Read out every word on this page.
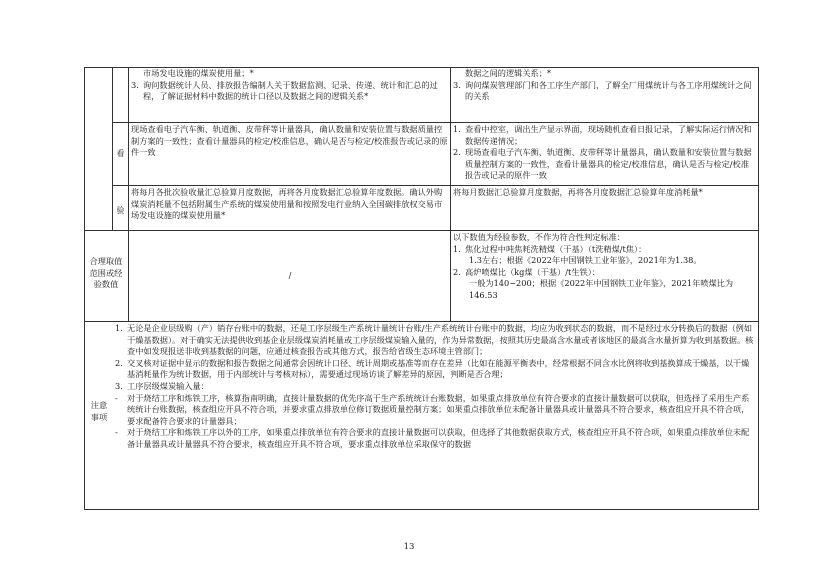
市场发电设施的煤炭使用量；*
3. 询问数据统计人员、排放报告编制人关于数据监测、记录、传递、统计和汇总的过程，了解证据材料中数据的统计口径以及数据之间的逻辑关系*
数据之间的逻辑关系；*
3. 询问煤炭管理部门和各工序生产部门，了解全厂用煤统计与各工序用煤统计之间的关系
看
现场查看电子汽车衡、轨道衡、皮带秤等计量器具，确认数量和安装位置与数据质量控制方案的一致性；查看计量器具的检定/校准信息，确认是否与检定/校准报告或记录的原件一致
1. 查看中控室，调出生产显示界面，现场随机查看日报记录，了解实际运行情况和数据传递情况；
2. 现场查看电子汽车衡、轨道衡、皮带秤等计量器具，确认数量和安装位置与数据质量控制方案的一致性，查看计量器具的检定/校准信息，确认是否与检定/校准报告或记录的原件一致
验
将每月各批次验收量汇总验算月度数据，再将各月度数据汇总验算年度数据。确认外购煤炭消耗量不包括附属生产系统的煤炭使用量和按照发电行业纳入全国碳排放权交易市场发电设施的煤炭使用量*
将每月数据汇总验算月度数据，再将各月度数据汇总验算年度消耗量*
合理取值范围或经验数值
/
以下数值为经验参数，不作为符合性判定标准：
1. 焦化过程中吨焦耗洗精煤（干基）（t洗精煤/t焦）：
1.3左右；根据《2022年中国钢铁工业年鉴》，2021年为1.38。
2. 高炉喷煤比（kg煤（干基）/t生铁）：
一般为140~200；根据《2022年中国钢铁工业年鉴》，2021年喷煤比为146.53
注意事项
1. 无论是企业层级购（产）销存台账中的数据，还是工序层级生产系统计量统计台账/生产系统统计台账中的数据，均应为收到状态的数据，而不是经过水分转换后的数据（例如干燥基数据）。对于确实无法提供收到基企业层级煤炭消耗量或工序层级煤炭输入量的，作为异常数据，按照其历史最高含水量或者该地区的最高含水量折算为收到基数据。核查中如发现报送非收到基数据的问题，应通过核查报告或其他方式，报告给省级生态环境主管部门；
2. 交叉核对证据中显示的数据和报告数据之间通常会因统计口径、统计周期或基准等而存在差异（比如在能源平衡表中，经常根据不同含水比例将收到基换算成干燥基，以干燥基消耗量作为统计数据，用于内部统计与考核对标），需要通过现场访谈了解差异的原因，判断是否合理；
3. 工序层级煤炭输入量：
-	对于烧结工序和炼铁工序，核算指南明确，直接计量数据的优先序高于生产系统统计台账数据，如果重点排放单位有符合要求的直接计量数据可以获取，但选择了采用生产系统统计台账数据，核查组应开具不符合项，并要求重点排放单位修订数据质量控制方案；如果重点排放单位未配备计量器具或计量器具不符合要求，核查组应开具不符合项，要求配备符合要求的计量器具；
-	对于烧结工序和炼铁工序以外的工序，如果重点排放单位有符合要求的直接计量数据可以获取，但选择了其他数据获取方式，核查组应开具不符合项，如果重点排放单位未配备计量器具或计量器具不符合要求，核查组应开具不符合项，要求重点排放单位采取保守的数据
13
